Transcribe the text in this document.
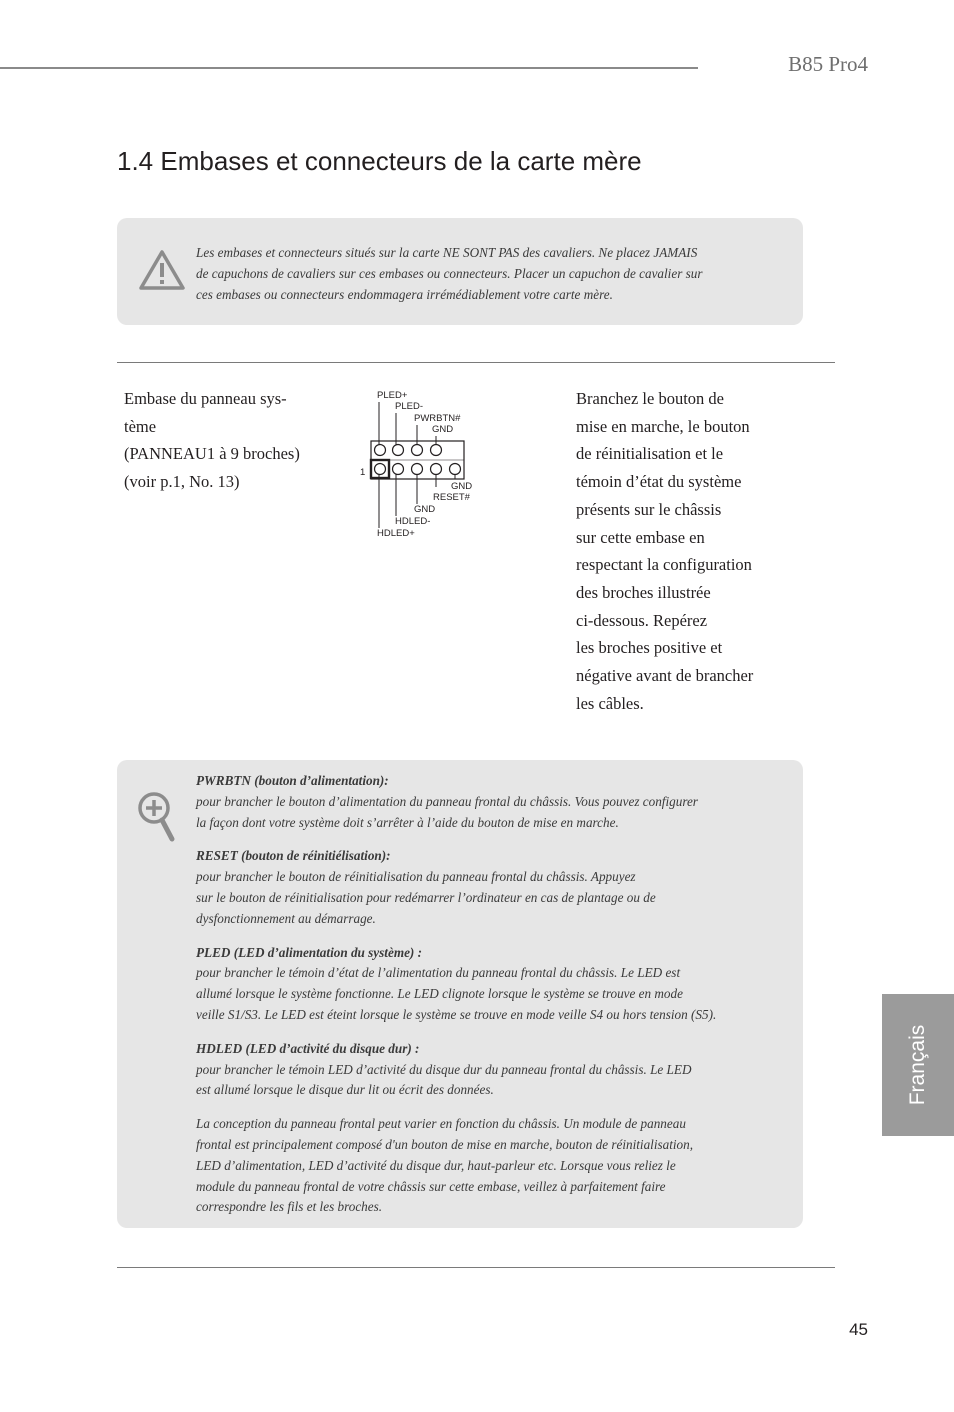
B85 Pro4
1.4 Embases et connecteurs de la carte mère
Les embases et connecteurs situés sur la carte NE SONT PAS des cavaliers. Ne placez JAMAIS
de capuchons de cavaliers sur ces embases ou connecteurs. Placer un capuchon de cavalier sur
ces embases ou connecteurs endommagera irrémédiablement votre carte mère.
Embase du panneau sys-
tème
(PANNEAU1 à 9 broches)
(voir p.1, No. 13)
PLED+
PLED-
PWRBTN#
GND
1
GND
RESET#
GND
HDLED-
HDLED+
Branchez le bouton de
mise en marche, le bouton
de réinitialisation et le
témoin d’état du système
présents sur le châssis
sur cette embase en
respectant la configuration
des broches illustrée
ci-dessous. Repérez
les broches positive et
négative avant de brancher
les câbles.

PWRBTN (bouton d’alimentation):
pour brancher le bouton d’alimentation du panneau frontal du châssis. Vous pouvez configurer
la façon dont votre système doit s’arrêter à l’aide du bouton de mise en marche.

RESET (bouton de réinitiélisation):
pour brancher le bouton de réinitialisation du panneau frontal du châssis. Appuyez
sur le bouton de réinitialisation pour redémarrer l’ordinateur en cas de plantage ou de
dysfonctionnement au démarrage.

PLED (LED d’alimentation du système) :
pour brancher le témoin d’état de l’alimentation du panneau frontal du châssis. Le LED est
allumé lorsque le système fonctionne. Le LED clignote lorsque le système se trouve en mode
veille S1/S3. Le LED est éteint lorsque le système se trouve en mode veille S4 ou hors tension (S5).

HDLED (LED d’activité du disque dur) :
pour brancher le témoin LED d’activité du disque dur du panneau frontal du châssis. Le LED
est allumé lorsque le disque dur lit ou écrit des données.

La conception du panneau frontal peut varier en fonction du châssis. Un module de panneau
frontal est principalement composé d'un bouton de mise en marche, bouton de réinitialisation,
LED d’alimentation, LED d’activité du disque dur, haut-parleur etc. Lorsque vous reliez le
module du panneau frontal de votre châssis sur cette embase, veillez à parfaitement faire
correspondre les fils et les broches.

Français
45
